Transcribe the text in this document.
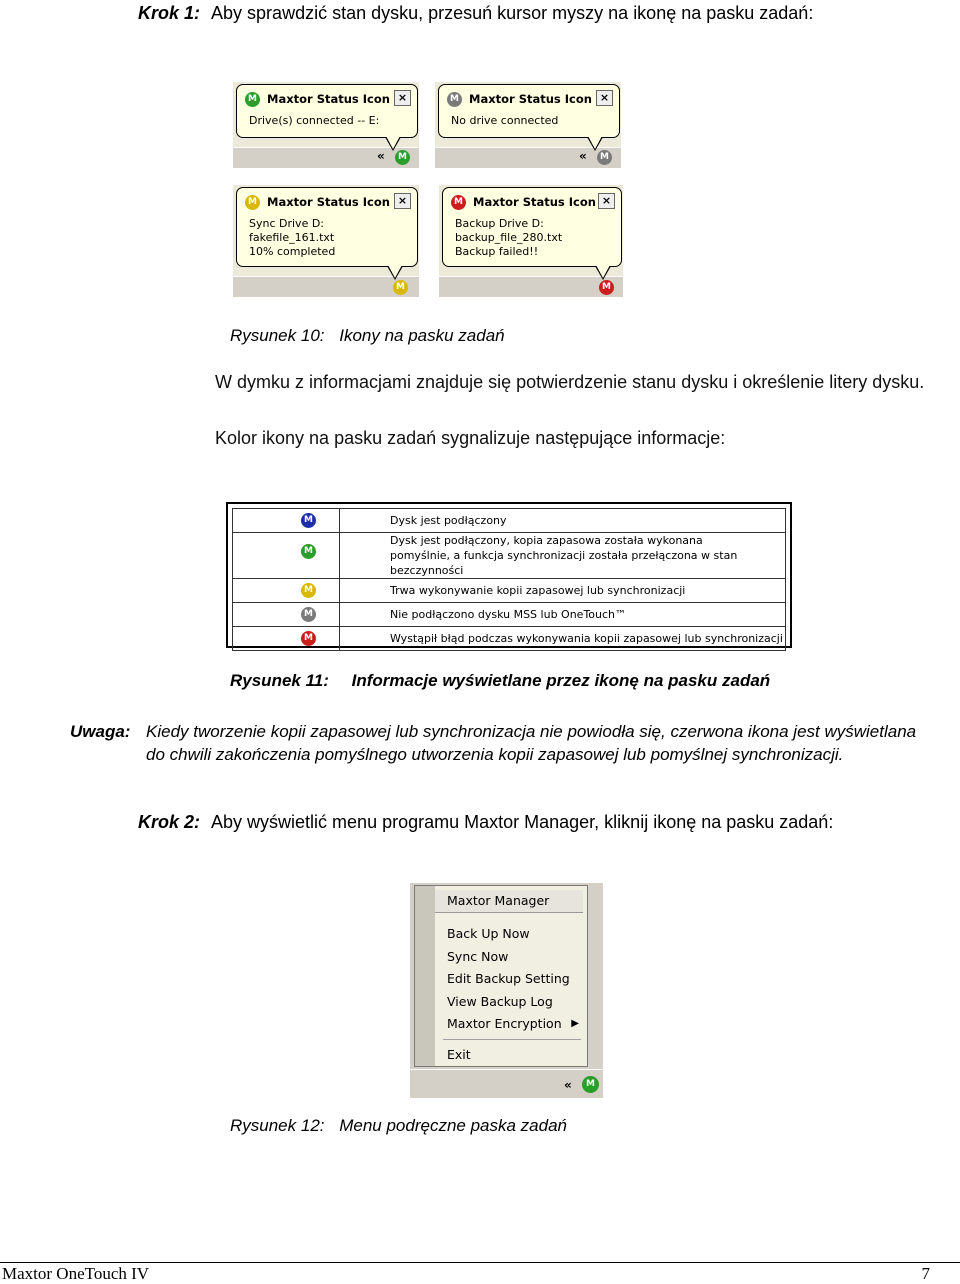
Krok 1: Aby sprawdzić stan dysku, przesuń kursor myszy na ikonę na pasku zadań:
M Maxtor Status Icon ×
Drive(s) connected -- E:
«	M
M Maxtor Status Icon ×
No drive connected
«	M
M Maxtor Status Icon ×
Sync Drive D:
fakefile_161.txt
10% completed
M
M Maxtor Status Icon ×
Backup Drive D:
backup_file_280.txt
Backup failed!!
M
Rysunek 10: Ikony na pasku zadań
W dymku z informacjami znajduje się potwierdzenie stanu dysku i określenie litery dysku.
Kolor ikony na pasku zadań sygnalizuje następujące informacje:
M	Dysk jest podłączony

M	Dysk jest podłączony, kopia zapasowa została wykonana pomyślnie, a funkcja synchronizacji została przełączona w stan bezczynności

M	Trwa wykonywanie kopii zapasowej lub synchronizacji

M	Nie podłączono dysku MSS lub OneTouch™

M	Wystąpił błąd podczas wykonywania kopii zapasowej lub synchronizacji
Rysunek 11: Informacje wyświetlane przez ikonę na pasku zadań
Uwaga: Kiedy tworzenie kopii zapasowej lub synchronizacja nie powiodła się, czerwona ikona jest wyświetlana do chwili zakończenia pomyślnego utworzenia kopii zapasowej lub pomyślnej synchronizacji.
Krok 2: Aby wyświetlić menu programu Maxtor Manager, kliknij ikonę na pasku zadań:
Maxtor Manager
Back Up Now
Sync Now
Edit Backup Setting
View Backup Log
Maxtor Encryption ▶
Exit
«	M
Rysunek 12: Menu podręczne paska zadań
Maxtor OneTouch IV	7
